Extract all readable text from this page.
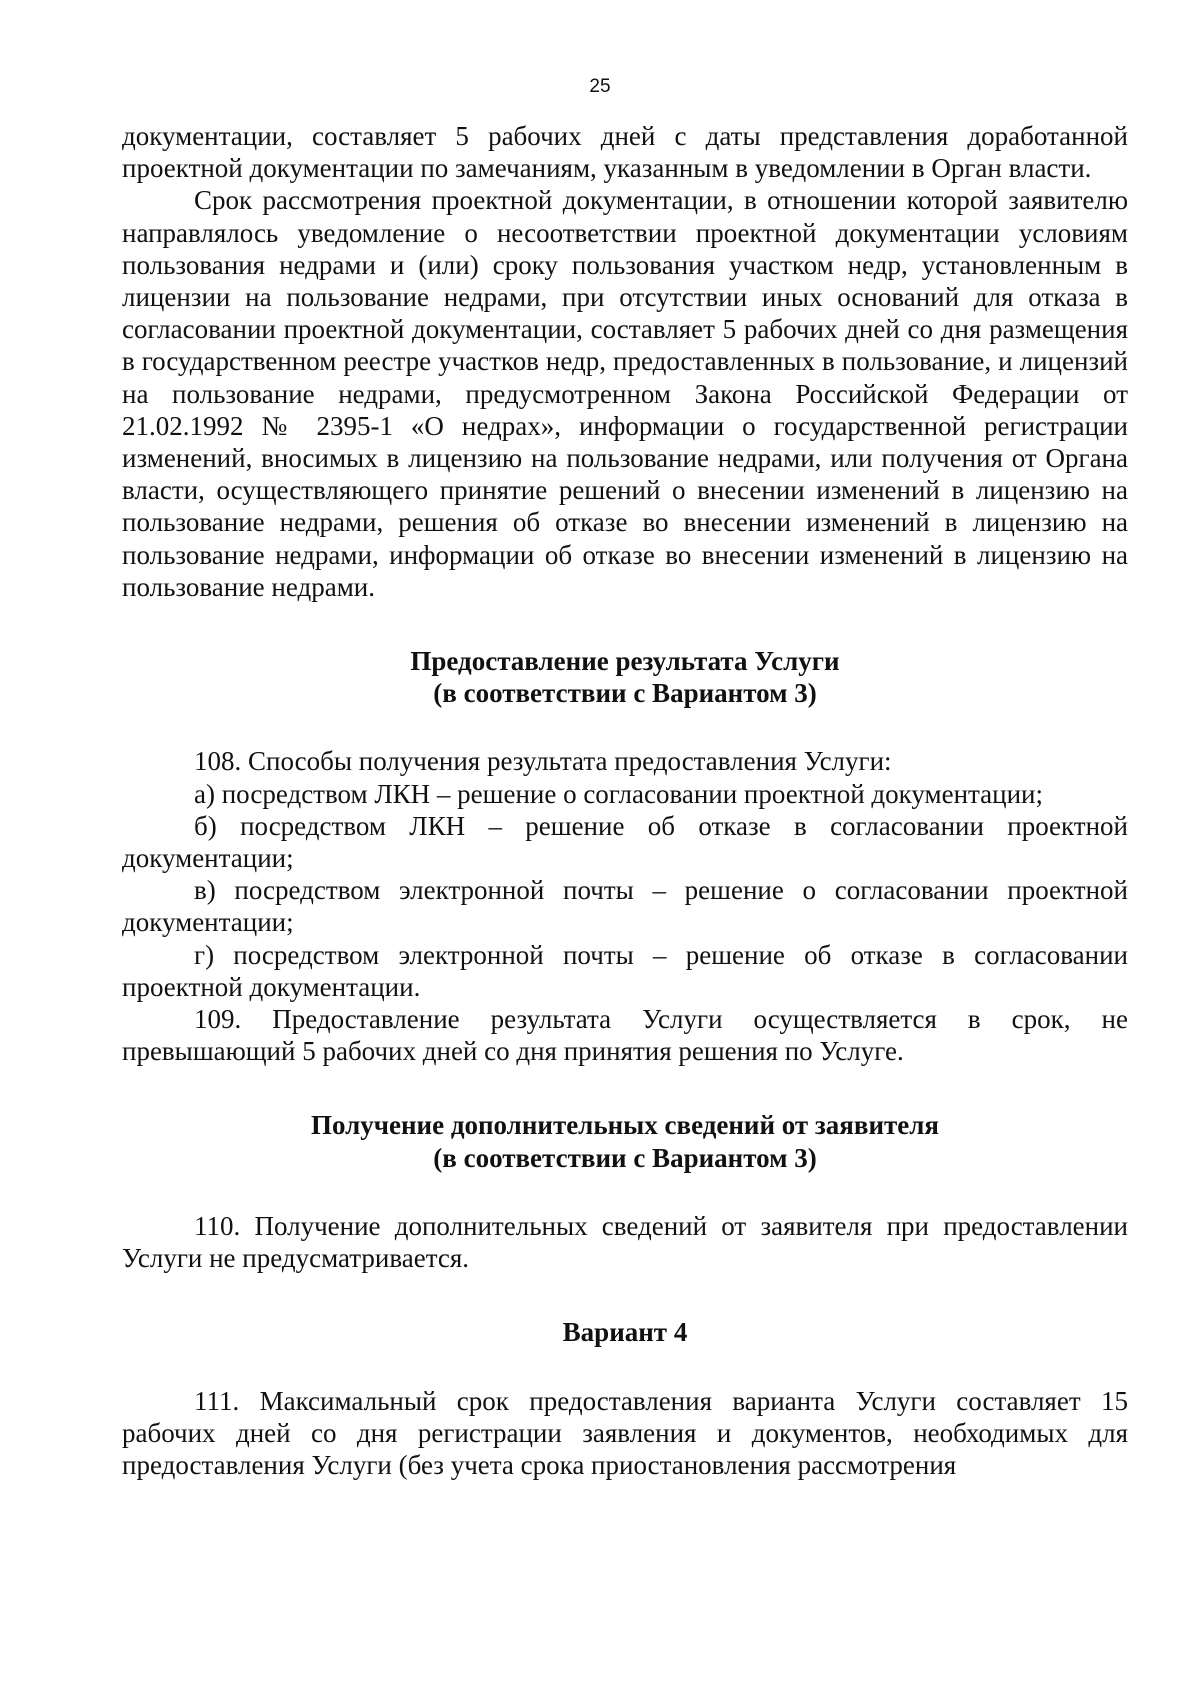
25

документации, составляет 5 рабочих дней с даты представления доработанной проектной документации по замечаниям, указанным в уведомлении в Орган власти.

Срок рассмотрения проектной документации, в отношении которой заявителю направлялось уведомление о несоответствии проектной документации условиям пользования недрами и (или) сроку пользования участком недр, установленным в лицензии на пользование недрами, при отсутствии иных оснований для отказа в согласовании проектной документации, составляет 5 рабочих дней со дня размещения в государственном реестре участков недр, предоставленных в пользование, и лицензий на пользование недрами, предусмотренном Закона Российской Федерации от 21.02.1992 № 2395-1 «О недрах», информации о государственной регистрации изменений, вносимых в лицензию на пользование недрами, или получения от Органа власти, осуществляющего принятие решений о внесении изменений в лицензию на пользование недрами, решения об отказе во внесении изменений в лицензию на пользование недрами, информации об отказе во внесении изменений в лицензию на пользование недрами.

Предоставление результата Услуги
(в соответствии с Вариантом 3)

108. Способы получения результата предоставления Услуги:

а) посредством ЛКН – решение о согласовании проектной документации;

б) посредством ЛКН – решение об отказе в согласовании проектной документации;

в) посредством электронной почты – решение о согласовании проектной документации;

г) посредством электронной почты – решение об отказе в согласовании проектной документации.

109. Предоставление результата Услуги осуществляется в срок, не превышающий 5 рабочих дней со дня принятия решения по Услуге.

Получение дополнительных сведений от заявителя
(в соответствии с Вариантом 3)

110. Получение дополнительных сведений от заявителя при предоставлении Услуги не предусматривается.

Вариант 4

111. Максимальный срок предоставления варианта Услуги составляет 15 рабочих дней со дня регистрации заявления и документов, необходимых для предоставления Услуги (без учета срока приостановления рассмотрения
